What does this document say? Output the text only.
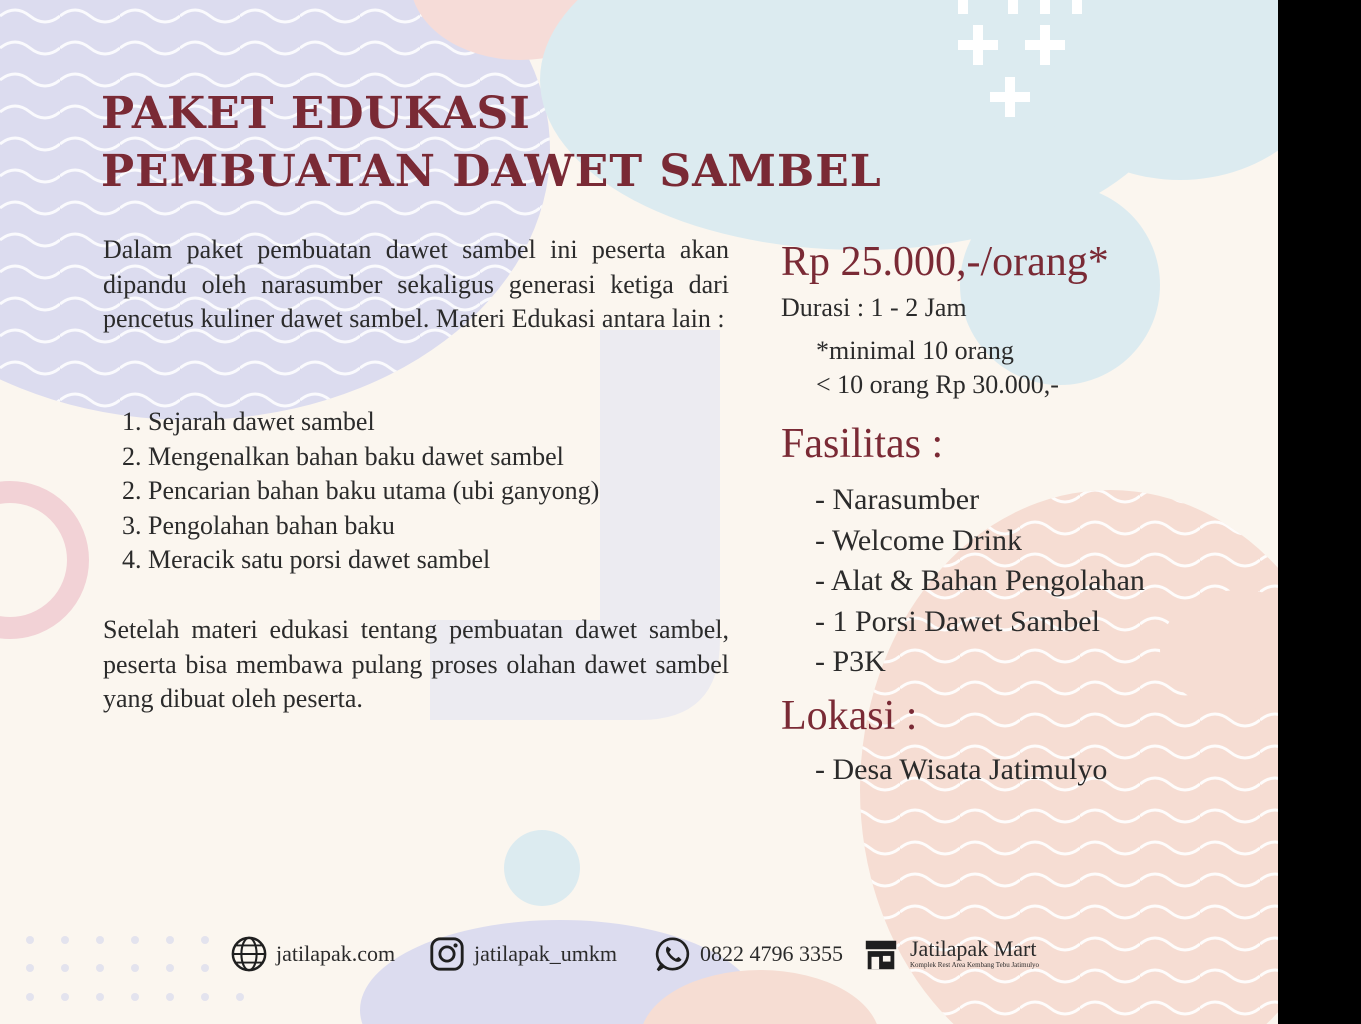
PAKET EDUKASI
PEMBUATAN DAWET SAMBEL
Dalam paket pembuatan dawet sambel ini peserta akan dipandu oleh narasumber sekaligus generasi ketiga dari pencetus kuliner dawet sambel. Materi Edukasi antara lain :
1. Sejarah dawet sambel
2. Mengenalkan bahan baku dawet sambel
2. Pencarian bahan baku utama (ubi ganyong)
3. Pengolahan bahan baku
4. Meracik satu porsi dawet sambel
Setelah materi edukasi tentang pembuatan dawet sambel, peserta bisa membawa pulang proses olahan dawet sambel yang dibuat oleh peserta.
Rp 25.000,-/orang*
Durasi : 1 - 2 Jam
*minimal 10 orang
< 10 orang Rp 30.000,-
Fasilitas :
- Narasumber
- Welcome Drink
- Alat & Bahan Pengolahan
- 1 Porsi Dawet Sambel
- P3K
Lokasi :
- Desa Wisata Jatimulyo
jatilapak.com	jatilapak_umkm	0822 4796 3355	Jatilapak Mart
Komplek Rest Area Kembang Tebu Jatimulyo
